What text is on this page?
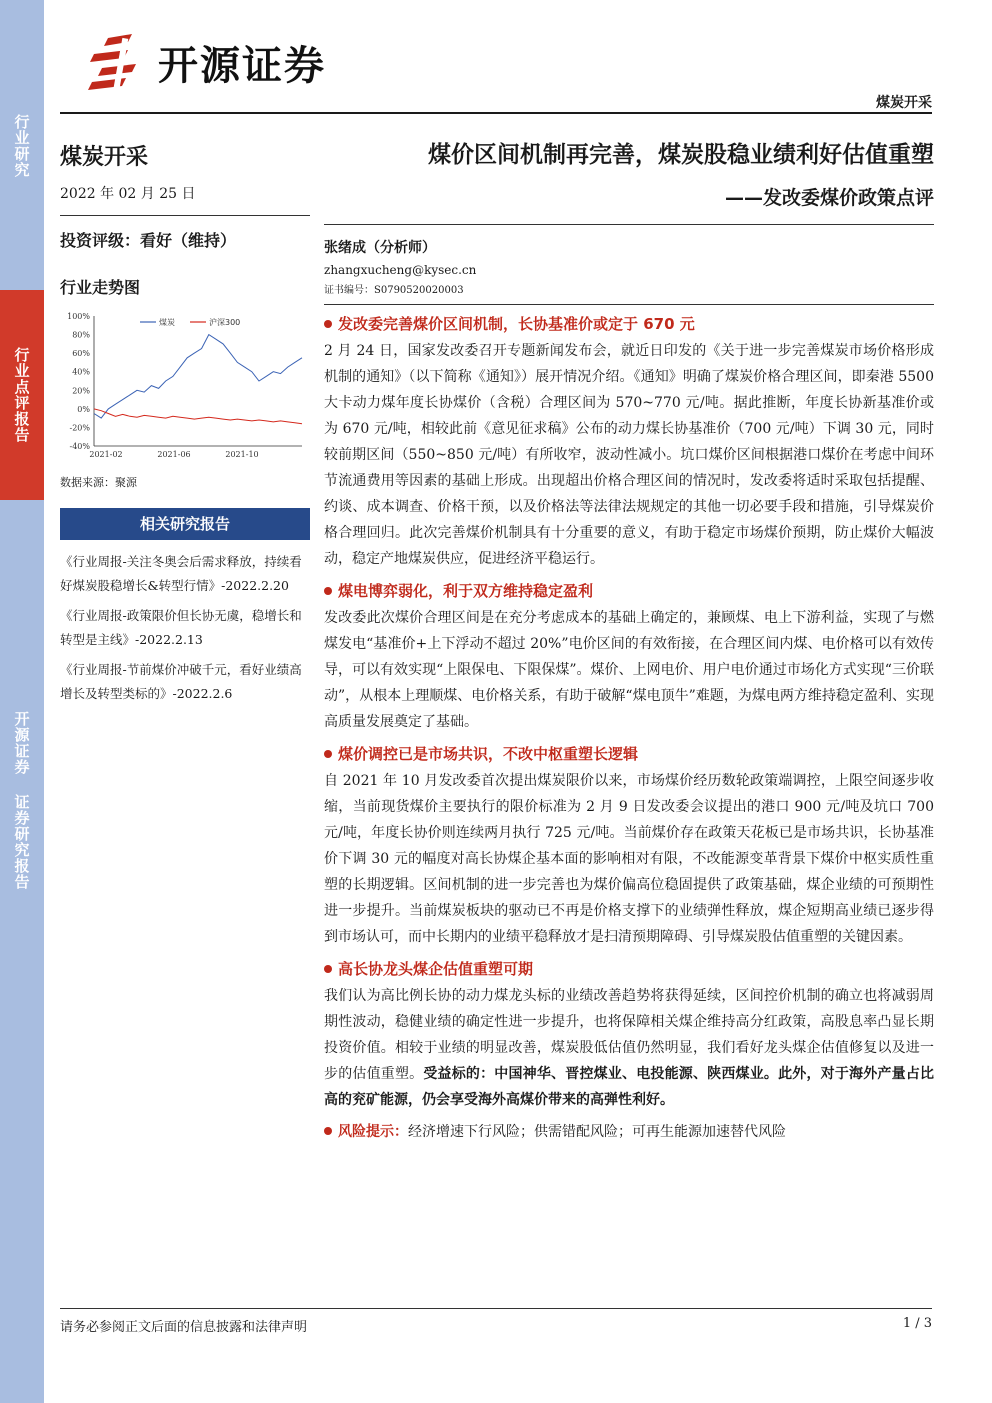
行业研究
行业点评报告
开源证券 证券研究报告
开源证券
煤炭开采
煤炭开采
2022 年 02 月 25 日
投资评级：看好（维持）
行业走势图
100%
80%
60%
40%
20%
0%
-20%
-40%
2021-02	2021-06	2021-10
煤炭	沪深300
数据来源：聚源
相关研究报告
《行业周报-关注冬奥会后需求释放，持续看好煤炭股稳增长&转型行情》-2022.2.20
《行业周报-政策限价但长协无虞，稳增长和转型是主线》-2022.2.13
《行业周报-节前煤价冲破千元，看好业绩高增长及转型类标的》-2022.2.6
煤价区间机制再完善，煤炭股稳业绩利好估值重塑
——发改委煤价政策点评
张绪成（分析师）
zhangxucheng@kysec.cn
证书编号：S0790520020003
发改委完善煤价区间机制，长协基准价或定于 670 元
2 月 24 日，国家发改委召开专题新闻发布会，就近日印发的《关于进一步完善煤炭市场价格形成机制的通知》（以下简称《通知》）展开情况介绍。《通知》明确了煤炭价格合理区间，即秦港 5500 大卡动力煤年度长协煤价（含税）合理区间为 570~770 元/吨。据此推断，年度长协新基准价或为 670 元/吨，相较此前《意见征求稿》公布的动力煤长协基准价（700 元/吨）下调 30 元，同时较前期区间（550~850 元/吨）有所收窄，波动性减小。坑口煤价区间根据港口煤价在考虑中间环节流通费用等因素的基础上形成。出现超出价格合理区间的情况时，发改委将适时采取包括提醒、约谈、成本调查、价格干预，以及价格法等法律法规规定的其他一切必要手段和措施，引导煤炭价格合理回归。此次完善煤价机制具有十分重要的意义，有助于稳定市场煤价预期，防止煤价大幅波动，稳定产地煤炭供应，促进经济平稳运行。
煤电博弈弱化，利于双方维持稳定盈利
发改委此次煤价合理区间是在充分考虑成本的基础上确定的，兼顾煤、电上下游利益，实现了与燃煤发电“基准价+上下浮动不超过 20%”电价区间的有效衔接，在合理区间内煤、电价格可以有效传导，可以有效实现“上限保电、下限保煤”。煤价、上网电价、用户电价通过市场化方式实现“三价联动”，从根本上理顺煤、电价格关系，有助于破解“煤电顶牛”难题，为煤电两方维持稳定盈利、实现高质量发展奠定了基础。
煤价调控已是市场共识，不改中枢重塑长逻辑
自 2021 年 10 月发改委首次提出煤炭限价以来，市场煤价经历数轮政策端调控，上限空间逐步收缩，当前现货煤价主要执行的限价标准为 2 月 9 日发改委会议提出的港口 900 元/吨及坑口 700 元/吨，年度长协价则连续两月执行 725 元/吨。当前煤价存在政策天花板已是市场共识，长协基准价下调 30 元的幅度对高长协煤企基本面的影响相对有限，不改能源变革背景下煤价中枢实质性重塑的长期逻辑。区间机制的进一步完善也为煤价偏高位稳固提供了政策基础，煤企业绩的可预期性进一步提升。当前煤炭板块的驱动已不再是价格支撑下的业绩弹性释放，煤企短期高业绩已逐步得到市场认可，而中长期内的业绩平稳释放才是扫清预期障碍、引导煤炭股估值重塑的关键因素。
高长协龙头煤企估值重塑可期
我们认为高比例长协的动力煤龙头标的业绩改善趋势将获得延续，区间控价机制的确立也将减弱周期性波动，稳健业绩的确定性进一步提升，也将保障相关煤企维持高分红政策，高股息率凸显长期投资价值。相较于业绩的明显改善，煤炭股低估值仍然明显，我们看好龙头煤企估值修复以及进一步的估值重塑。受益标的：中国神华、晋控煤业、电投能源、陕西煤业。此外，对于海外产量占比高的兖矿能源，仍会享受海外高煤价带来的高弹性利好。
风险提示： 经济增速下行风险；供需错配风险；可再生能源加速替代风险
请务必参阅正文后面的信息披露和法律声明	1 / 3
